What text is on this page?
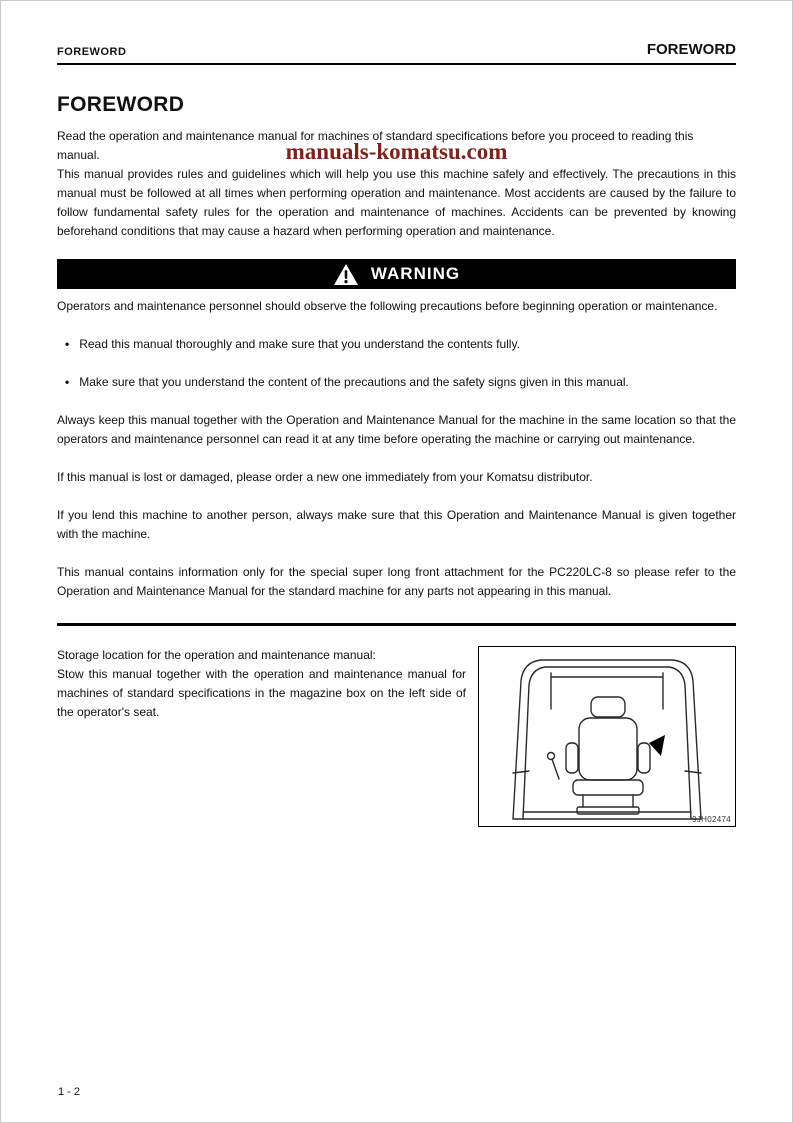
FOREWORD	FOREWORD
manuals-komatsu.com
FOREWORD

Read the operation and maintenance manual for machines of standard specifications before you proceed to reading this manual.

This manual provides rules and guidelines which will help you use this machine safely and effectively. The precautions in this manual must be followed at all times when performing operation and maintenance. Most accidents are caused by the failure to follow fundamental safety rules for the operation and maintenance of machines. Accidents can be prevented by knowing beforehand conditions that may cause a hazard when performing operation and maintenance.

WARNING

Operators and maintenance personnel should observe the following precautions before beginning operation or maintenance.

• Read this manual thoroughly and make sure that you understand the contents fully.
• Make sure that you understand the content of the precautions and the safety signs given in this manual.

Always keep this manual together with the Operation and Maintenance Manual for the machine in the same location so that the operators and maintenance personnel can read it at any time before operating the machine or carrying out maintenance.

If this manual is lost or damaged, please order a new one immediately from your Komatsu distributor.

If you lend this machine to another person, always make sure that this Operation and Maintenance Manual is given together with the machine.

This manual contains information only for the special super long front attachment for the PC220LC-8 so please refer to the Operation and Maintenance Manual for the standard machine for any parts not appearing in this manual.

Storage location for the operation and maintenance manual:

Stow this manual together with the operation and maintenance manual for machines of standard specifications in the magazine box on the left side of the operator's seat.

9JH02474
1 - 2
